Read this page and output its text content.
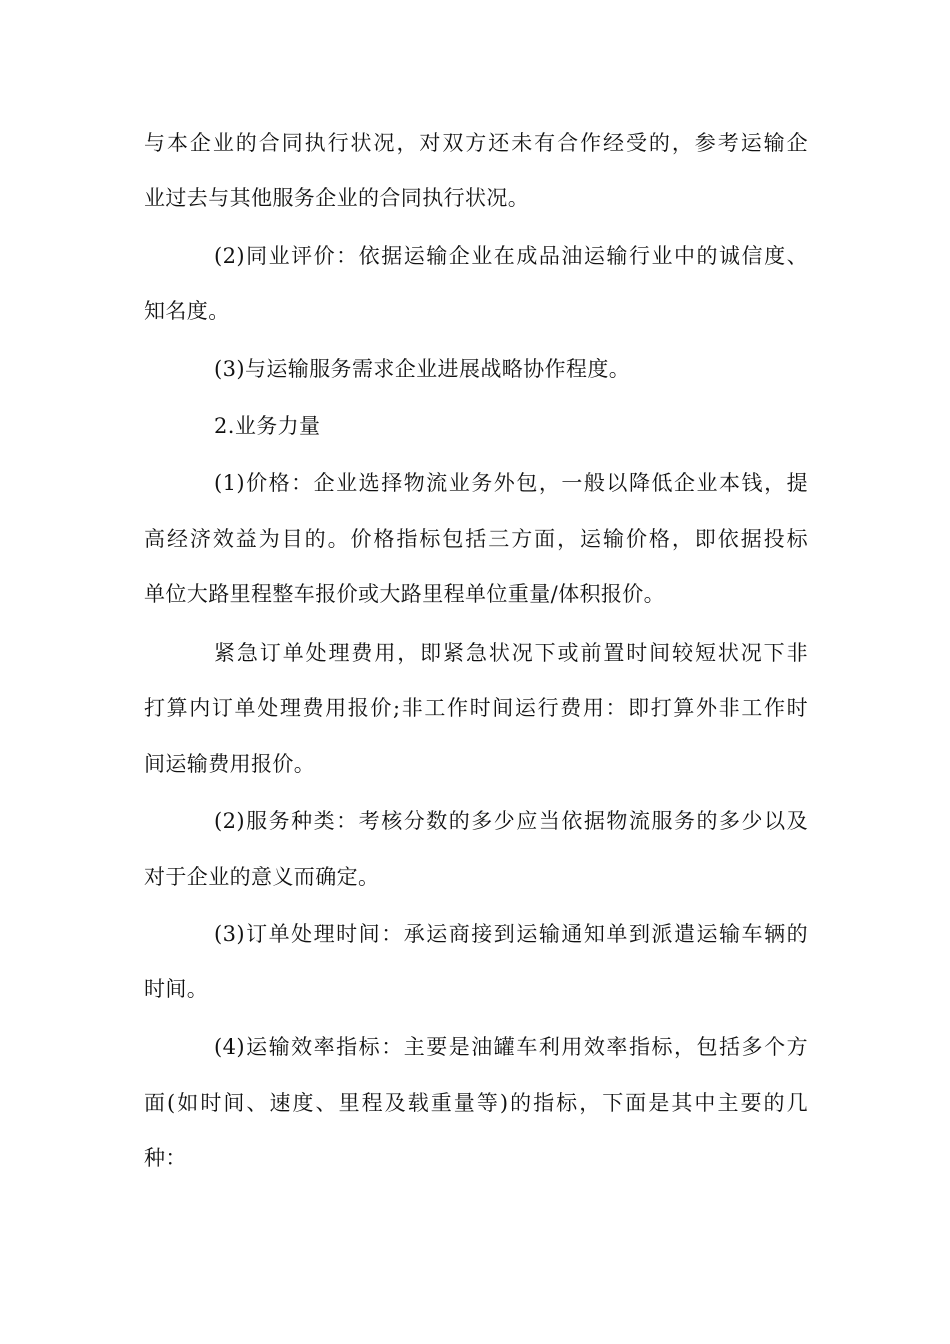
与本企业的合同执行状况，对双方还未有合作经受的，参考运输企
业过去与其他服务企业的合同执行状况。
(2)同业评价：依据运输企业在成品油运输行业中的诚信度、
知名度。
(3)与运输服务需求企业进展战略协作程度。
2.业务力量
(1)价格：企业选择物流业务外包，一般以降低企业本钱，提
高经济效益为目的。价格指标包括三方面，运输价格，即依据投标
单位大路里程整车报价或大路里程单位重量/体积报价。
紧急订单处理费用，即紧急状况下或前置时间较短状况下非
打算内订单处理费用报价;非工作时间运行费用：即打算外非工作时
间运输费用报价。
(2)服务种类：考核分数的多少应当依据物流服务的多少以及
对于企业的意义而确定。
(3)订单处理时间：承运商接到运输通知单到派遣运输车辆的
时间。
(4)运输效率指标：主要是油罐车利用效率指标，包括多个方
面(如时间、速度、里程及载重量等)的指标，下面是其中主要的几
种：
